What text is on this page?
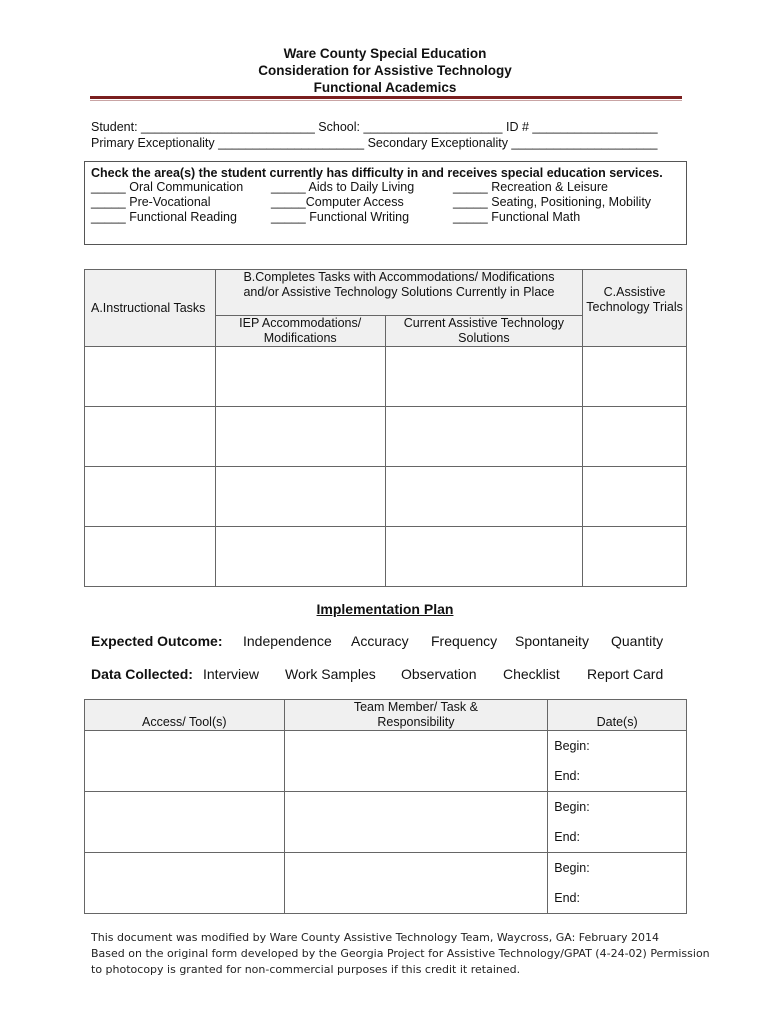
Ware County Special Education
Consideration for Assistive Technology
Functional Academics
Student: _________________________ School: ____________________ ID # __________________
Primary Exceptionality _____________________ Secondary Exceptionality _____________________
Check the area(s) the student currently has difficulty in and receives special education services.
_____ Oral Communication _____ Aids to Daily Living	_____ Recreation & Leisure
_____ Pre-Vocational	_____Computer Access	_____ Seating, Positioning, Mobility
_____ Functional Reading	_____ Functional Writing	_____ Functional Math
A.Instructional Tasks	B.Completes Tasks with Accommodations/ Modifications and/or Assistive Technology Solutions Currently in Place		C.Assistive Technology Trials
	IEP Accommodations/ Modifications	Current Assistive Technology Solutions	

Implementation Plan
Expected Outcome: Independence Accuracy Frequency Spontaneity Quantity
Data Collected: Interview Work Samples Observation Checklist Report Card
Access/ Tool(s)	Team Member/ Task & Responsibility	Date(s)

		Begin:
End:

		Begin:
End:

		Begin:
End:
This document was modified by Ware County Assistive Technology Team, Waycross, GA: February 2014
Based on the original form developed by the Georgia Project for Assistive Technology/GPAT (4-24-02) Permission
to photocopy is granted for non-commercial purposes if this credit it retained.
